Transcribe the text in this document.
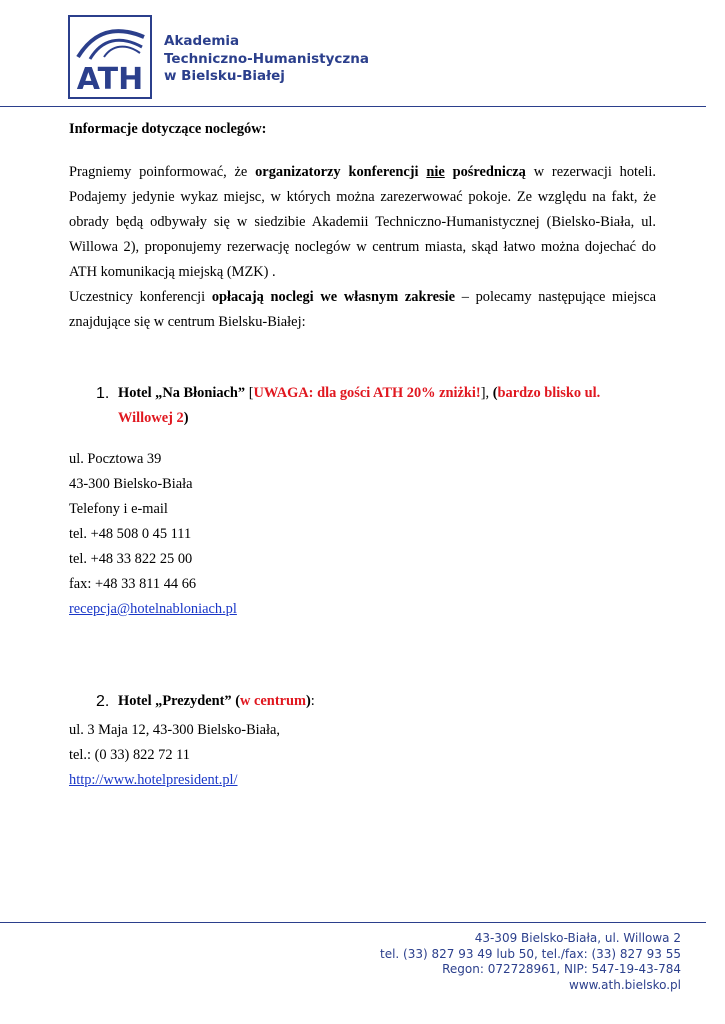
ATH
Akademia
Techniczno-Humanistyczna
w Bielsku-Białej
Informacje dotyczące noclegów:
Pragniemy poinformować, że organizatorzy konferencji nie pośredniczą w rezerwacji hoteli. Podajemy jedynie wykaz miejsc, w których można zarezerwować pokoje. Ze względu na fakt, że obrady będą odbywały się w siedzibie Akademii Techniczno-Humanistycznej (Bielsko-Biała, ul. Willowa 2), proponujemy rezerwację noclegów w centrum miasta, skąd łatwo można dojechać do ATH komunikacją miejską (MZK) .
Uczestnicy konferencji opłacają noclegi we własnym zakresie – polecamy następujące miejsca znajdujące się w centrum Bielsku-Białej:
1. Hotel „Na Błoniach” [UWAGA: dla gości ATH 20% zniżki!], (bardzo blisko ul. Willowej 2)
ul. Pocztowa 39
43-300 Bielsko-Biała
Telefony i e-mail
tel. +48 508 0 45 111
tel. +48 33 822 25 00
fax: +48 33 811 44 66
recepcja@hotelnabloniach.pl
2. Hotel „Prezydent” (w centrum):
ul. 3 Maja 12, 43-300 Bielsko-Biała,
tel.: (0 33) 822 72 11
http://www.hotelpresident.pl/
43-309 Bielsko-Biała, ul. Willowa 2
tel. (33) 827 93 49 lub 50, tel./fax: (33) 827 93 55
Regon: 072728961, NIP: 547-19-43-784
www.ath.bielsko.pl
